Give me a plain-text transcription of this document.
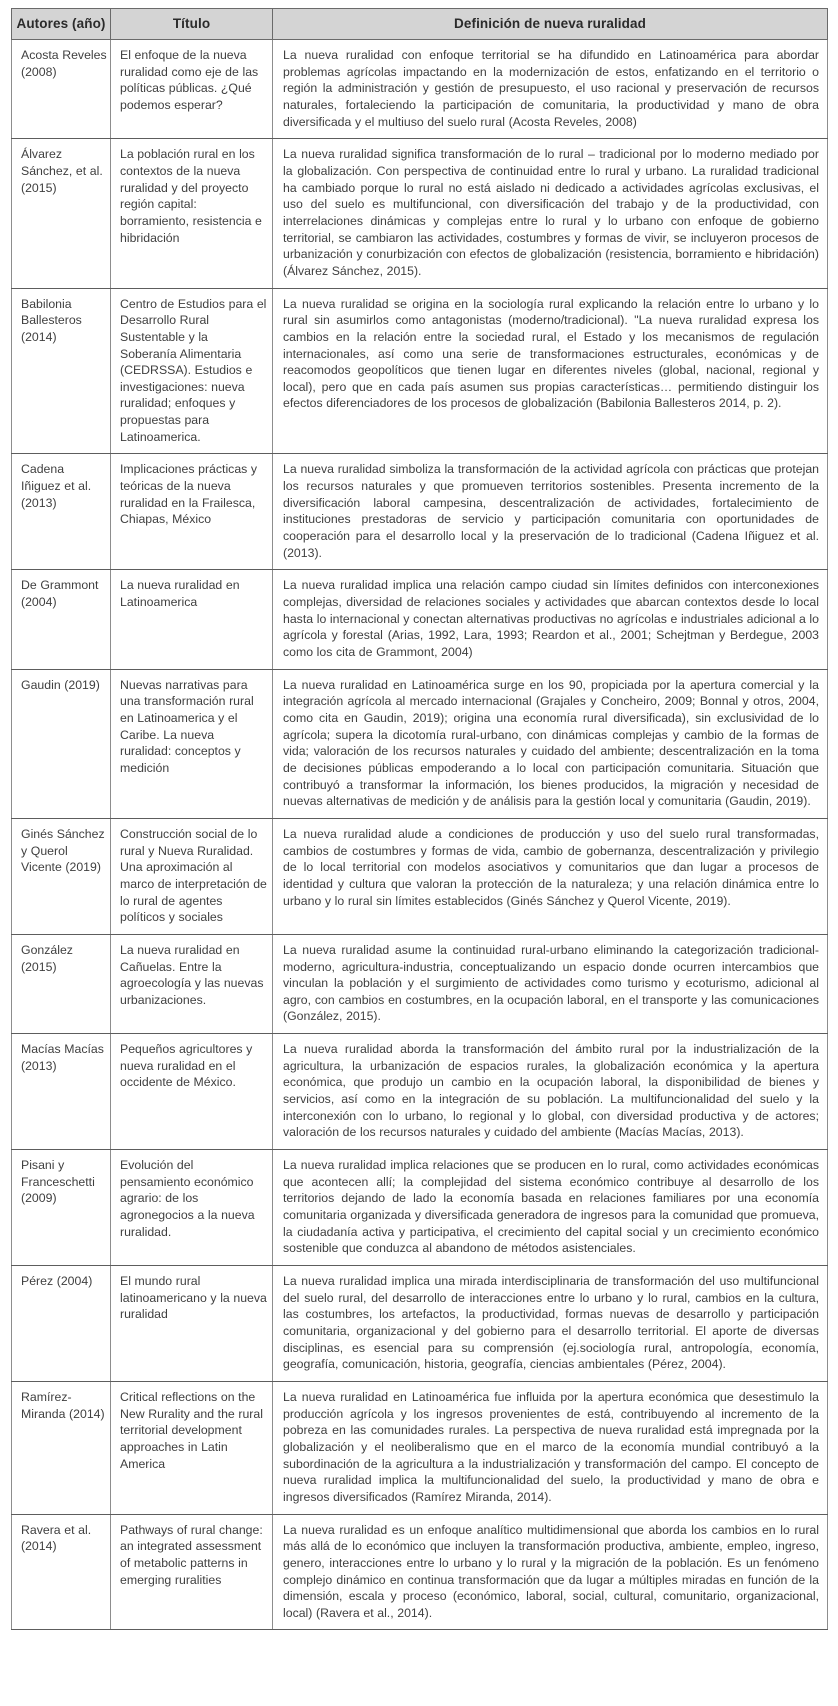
Autores (año)	Título	Definición de nueva ruralidad
Acosta Reveles (2008)	El enfoque de la nueva ruralidad como eje de las políticas públicas. ¿Qué podemos esperar?	La nueva ruralidad con enfoque territorial se ha difundido en Latinoamérica para abordar problemas agrícolas impactando en la modernización de estos, enfatizando en el territorio o región la administración y gestión de presupuesto, el uso racional y preservación de recursos naturales, fortaleciendo la participación de comunitaria, la productividad y mano de obra diversificada y el multiuso del suelo rural (Acosta Reveles, 2008)
Álvarez Sánchez, et al. (2015)	La población rural en los contextos de la nueva ruralidad y del proyecto región capital: borramiento, resistencia e hibridación	La nueva ruralidad significa transformación de lo rural – tradicional por lo moderno mediado por la globalización. Con perspectiva de continuidad entre lo rural y urbano. La ruralidad tradicional ha cambiado porque lo rural no está aislado ni dedicado a actividades agrícolas exclusivas, el uso del suelo es multifuncional, con diversificación del trabajo y de la productividad, con interrelaciones dinámicas y complejas entre lo rural y lo urbano con enfoque de gobierno territorial, se cambiaron las actividades, costumbres y formas de vivir, se incluyeron procesos de urbanización y conurbización con efectos de globalización (resistencia, borramiento e hibridación) (Álvarez Sánchez, 2015).
Babilonia Ballesteros (2014)	Centro de Estudios para el Desarrollo Rural Sustentable y la Soberanía Alimentaria (CEDRSSA). Estudios e investigaciones: nueva ruralidad; enfoques y propuestas para Latinoamerica.	La nueva ruralidad se origina en la sociología rural explicando la relación entre lo urbano y lo rural sin asumirlos como antagonistas (moderno/tradicional). "La nueva ruralidad expresa los cambios en la relación entre la sociedad rural, el Estado y los mecanismos de regulación internacionales, así como una serie de transformaciones estructurales, económicas y de reacomodos geopolíticos que tienen lugar en diferentes niveles (global, nacional, regional y local), pero que en cada país asumen sus propias características… permitiendo distinguir los efectos diferenciadores de los procesos de globalización (Babilonia Ballesteros 2014, p. 2).
Cadena Iñiguez et al. (2013)	Implicaciones prácticas y teóricas de la nueva ruralidad en la Frailesca, Chiapas, México	La nueva ruralidad simboliza la transformación de la actividad agrícola con prácticas que protejan los recursos naturales y que promueven territorios sostenibles. Presenta incremento de la diversificación laboral campesina, descentralización de actividades, fortalecimiento de instituciones prestadoras de servicio y participación comunitaria con oportunidades de cooperación para el desarrollo local y la preservación de lo tradicional (Cadena Iñiguez et al. (2013).
De Grammont (2004)	La nueva ruralidad en Latinoamerica	La nueva ruralidad implica una relación campo ciudad sin límites definidos con interconexiones complejas, diversidad de relaciones sociales y actividades que abarcan contextos desde lo local hasta lo internacional y conectan alternativas productivas no agrícolas e industriales adicional a lo agrícola y forestal (Arias, 1992, Lara, 1993; Reardon et al., 2001; Schejtman y Berdegue, 2003 como los cita de Grammont, 2004)
Gaudin (2019)	Nuevas narrativas para una transformación rural en Latinoamerica y el Caribe. La nueva ruralidad: conceptos y medición	La nueva ruralidad en Latinoamérica surge en los 90, propiciada por la apertura comercial y la integración agrícola al mercado internacional (Grajales y Concheiro, 2009; Bonnal y otros, 2004, como cita en Gaudin, 2019); origina una economía rural diversificada), sin exclusividad de lo agrícola; supera la dicotomía rural-urbano, con dinámicas complejas y cambio de la formas de vida; valoración de los recursos naturales y cuidado del ambiente; descentralización en la toma de decisiones públicas empoderando a lo local con participación comunitaria. Situación que contribuyó a transformar la información, los bienes producidos, la migración y necesidad de nuevas alternativas de medición y de análisis para la gestión local y comunitaria (Gaudin, 2019).
Ginés Sánchez y Querol Vicente (2019)	Construcción social de lo rural y Nueva Ruralidad. Una aproximación al marco de interpretación de lo rural de agentes políticos y sociales	La nueva ruralidad alude a condiciones de producción y uso del suelo rural transformadas, cambios de costumbres y formas de vida, cambio de gobernanza, descentralización y privilegio de lo local territorial con modelos asociativos y comunitarios que dan lugar a procesos de identidad y cultura que valoran la protección de la naturaleza; y una relación dinámica entre lo urbano y lo rural sin límites establecidos (Ginés Sánchez y Querol Vicente, 2019).
González (2015)	La nueva ruralidad en Cañuelas. Entre la agroecología y las nuevas urbanizaciones.	La nueva ruralidad asume la continuidad rural-urbano eliminando la categorización tradicional-moderno, agricultura-industria, conceptualizando un espacio donde ocurren intercambios que vinculan la población y el surgimiento de actividades como turismo y ecoturismo, adicional al agro, con cambios en costumbres, en la ocupación laboral, en el transporte y las comunicaciones (González, 2015).
Macías Macías (2013)	Pequeños agricultores y nueva ruralidad en el occidente de México.	La nueva ruralidad aborda la transformación del ámbito rural por la industrialización de la agricultura, la urbanización de espacios rurales, la globalización económica y la apertura económica, que produjo un cambio en la ocupación laboral, la disponibilidad de bienes y servicios, así como en la integración de su población. La multifuncionalidad del suelo y la interconexión con lo urbano, lo regional y lo global, con diversidad productiva y de actores; valoración de los recursos naturales y cuidado del ambiente (Macías Macías, 2013).
Pisani y Franceschetti (2009)	Evolución del pensamiento económico agrario: de los agronegocios a la nueva ruralidad.	La nueva ruralidad implica relaciones que se producen en lo rural, como actividades económicas que acontecen allí; la complejidad del sistema económico contribuye al desarrollo de los territorios dejando de lado la economía basada en relaciones familiares por una economía comunitaria organizada y diversificada generadora de ingresos para la comunidad que promueva, la ciudadanía activa y participativa, el crecimiento del capital social y un crecimiento económico sostenible que conduzca al abandono de métodos asistenciales.
Pérez (2004)	El mundo rural latinoamericano y la nueva ruralidad	La nueva ruralidad implica una mirada interdisciplinaria de transformación del uso multifuncional del suelo rural, del desarrollo de interacciones entre lo urbano y lo rural, cambios en la cultura, las costumbres, los artefactos, la productividad, formas nuevas de desarrollo y participación comunitaria, organizacional y del gobierno para el desarrollo territorial. El aporte de diversas disciplinas, es esencial para su comprensión (ej.sociología rural, antropología, economía, geografía, comunicación, historia, geografía, ciencias ambientales (Pérez, 2004).
Ramírez-Miranda (2014)	Critical reflections on the New Rurality and the rural territorial development approaches in Latin America	La nueva ruralidad en Latinoamérica fue influida por la apertura económica que desestimulo la producción agrícola y los ingresos provenientes de está, contribuyendo al incremento de la pobreza en las comunidades rurales. La perspectiva de nueva ruralidad está impregnada por la globalización y el neoliberalismo que en el marco de la economía mundial contribuyó a la subordinación de la agricultura a la industrialización y transformación del campo. El concepto de nueva ruralidad implica la multifuncionalidad del suelo, la productividad y mano de obra e ingresos diversificados (Ramírez Miranda, 2014).
Ravera et al. (2014)	Pathways of rural change: an integrated assessment of metabolic patterns in emerging ruralities	La nueva ruralidad es un enfoque analítico multidimensional que aborda los cambios en lo rural más allá de lo económico que incluyen la transformación productiva, ambiente, empleo, ingreso, genero, interacciones entre lo urbano y lo rural y la migración de la población. Es un fenómeno complejo dinámico en continua transformación que da lugar a múltiples miradas en función de la dimensión, escala y proceso (económico, laboral, social, cultural, comunitario, organizacional, local) (Ravera et al., 2014).
